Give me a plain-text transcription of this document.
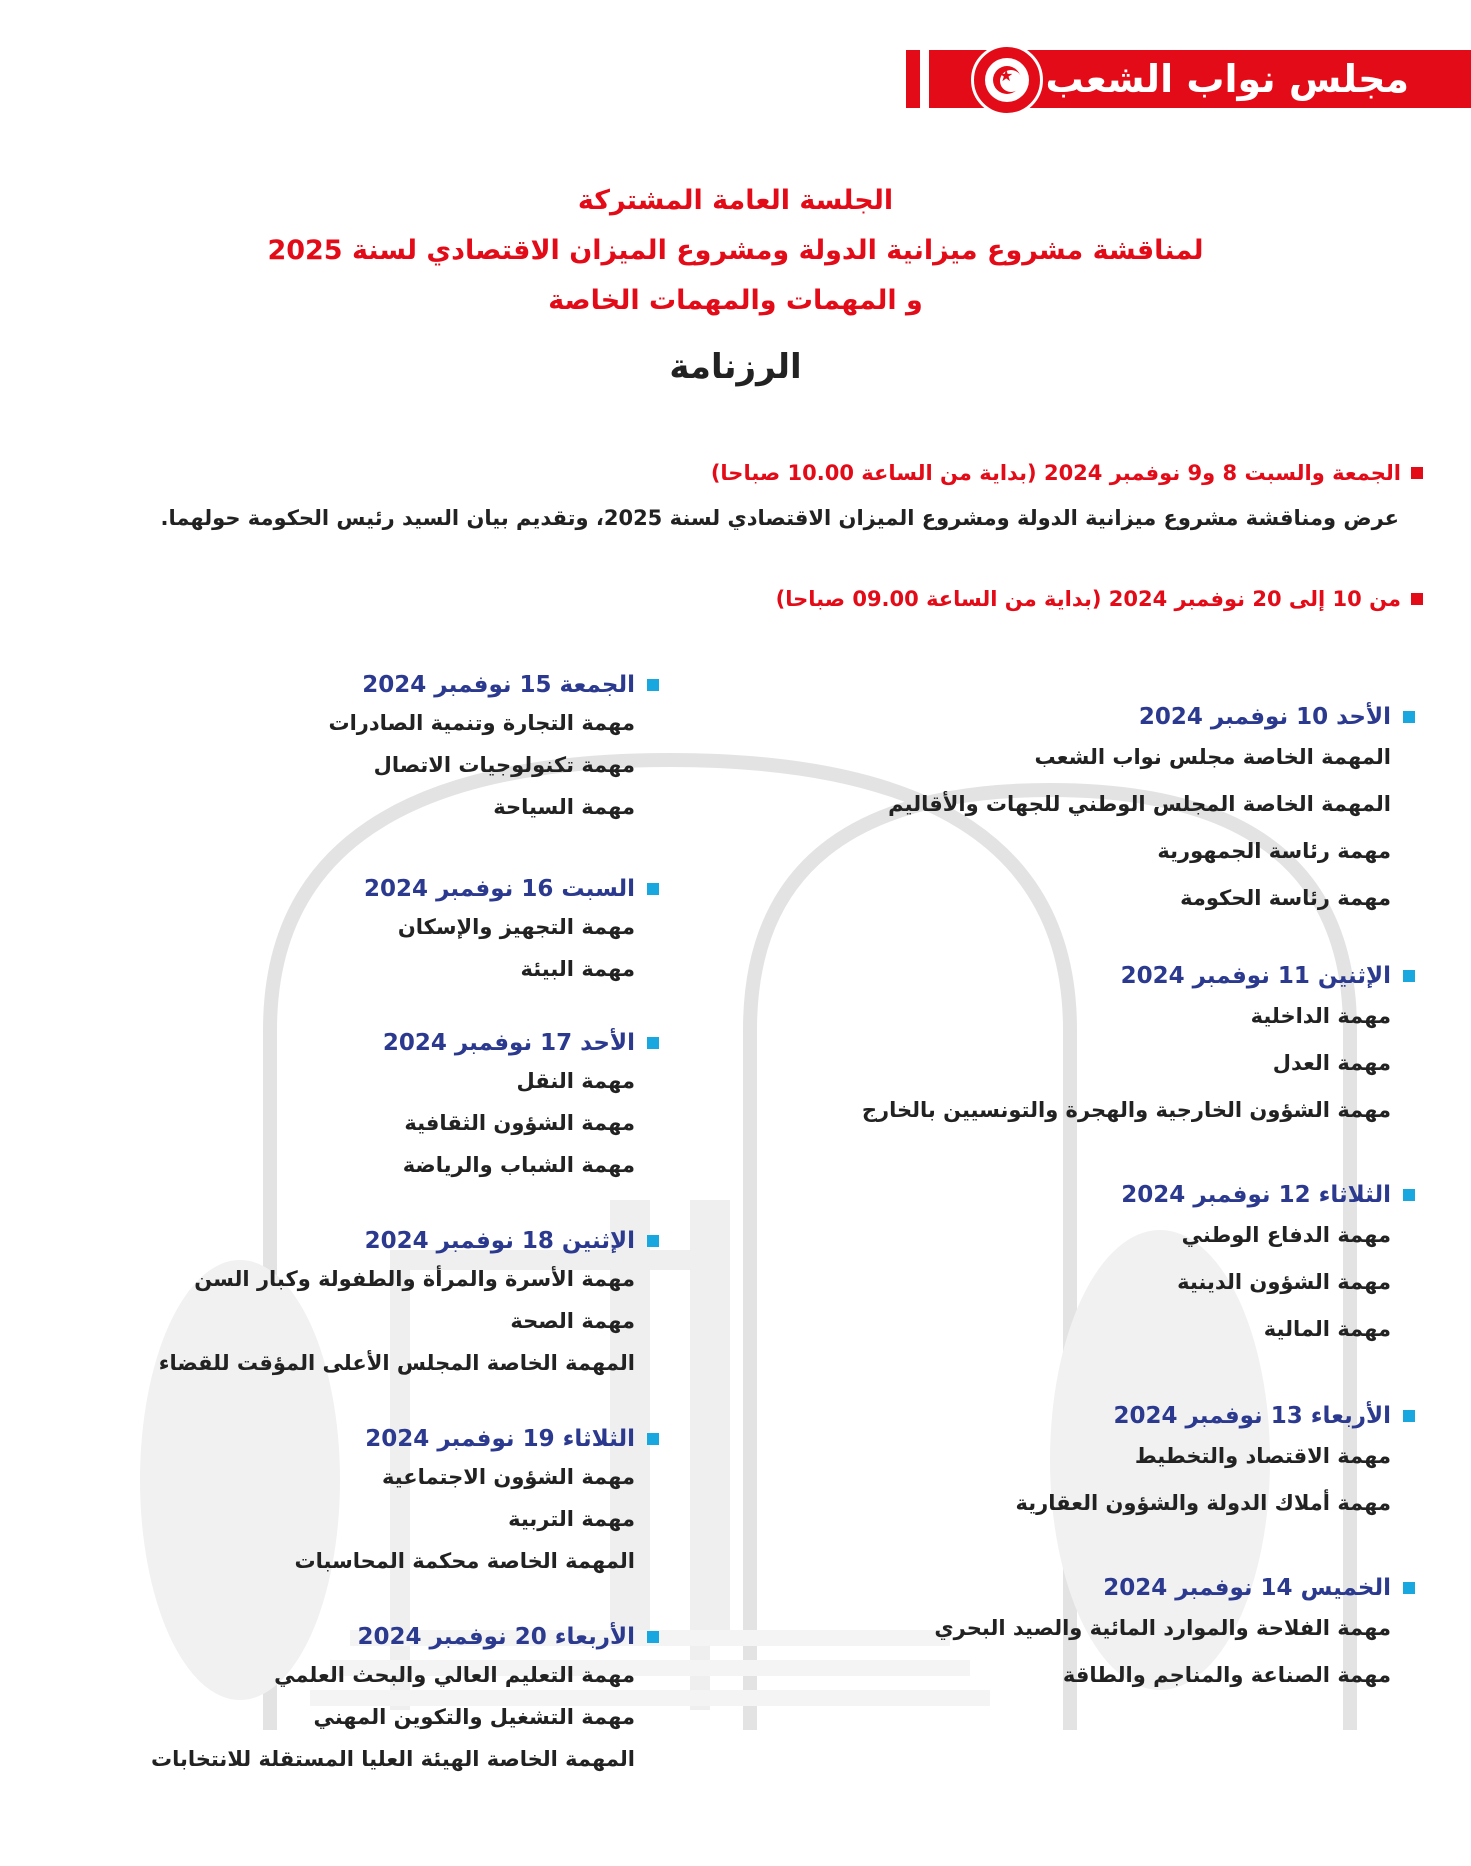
مجلس نواب الشعب
★
الجلسة العامة المشتركة
لمناقشة مشروع ميزانية الدولة ومشروع الميزان الاقتصادي لسنة 2025
و المهمات والمهمات الخاصة
الرزنامة
الجمعة والسبت 8 و9 نوفمبر 2024 (بداية من الساعة 10.00 صباحا)
عرض ومناقشة مشروع ميزانية الدولة ومشروع الميزان الاقتصادي لسنة 2025، وتقديم بيان السيد رئيس الحكومة حولهما.
من 10 إلى 20 نوفمبر 2024 (بداية من الساعة 09.00 صباحا)
الأحد 10 نوفمبر 2024
المهمة الخاصة مجلس نواب الشعب
المهمة الخاصة المجلس الوطني للجهات والأقاليم
مهمة رئاسة الجمهورية
مهمة رئاسة الحكومة
الإثنين 11 نوفمبر 2024
مهمة الداخلية
مهمة العدل
مهمة الشؤون الخارجية والهجرة والتونسيين بالخارج
الثلاثاء 12 نوفمبر 2024
مهمة الدفاع الوطني
مهمة الشؤون الدينية
مهمة المالية
الأربعاء 13 نوفمبر 2024
مهمة الاقتصاد والتخطيط
مهمة أملاك الدولة والشؤون العقارية
الخميس 14 نوفمبر 2024
مهمة الفلاحة والموارد المائية والصيد البحري
مهمة الصناعة والمناجم والطاقة
الجمعة 15 نوفمبر 2024
مهمة التجارة وتنمية الصادرات
مهمة تكنولوجيات الاتصال
مهمة السياحة
السبت 16 نوفمبر 2024
مهمة التجهيز والإسكان
مهمة البيئة
الأحد 17 نوفمبر 2024
مهمة النقل
مهمة الشؤون الثقافية
مهمة الشباب والرياضة
الإثنين 18 نوفمبر 2024
مهمة الأسرة والمرأة والطفولة وكبار السن
مهمة الصحة
المهمة الخاصة المجلس الأعلى المؤقت للقضاء
الثلاثاء 19 نوفمبر 2024
مهمة الشؤون الاجتماعية
مهمة التربية
المهمة الخاصة محكمة المحاسبات
الأربعاء 20 نوفمبر 2024
مهمة التعليم العالي والبحث العلمي
مهمة التشغيل والتكوين المهني
المهمة الخاصة الهيئة العليا المستقلة للانتخابات
